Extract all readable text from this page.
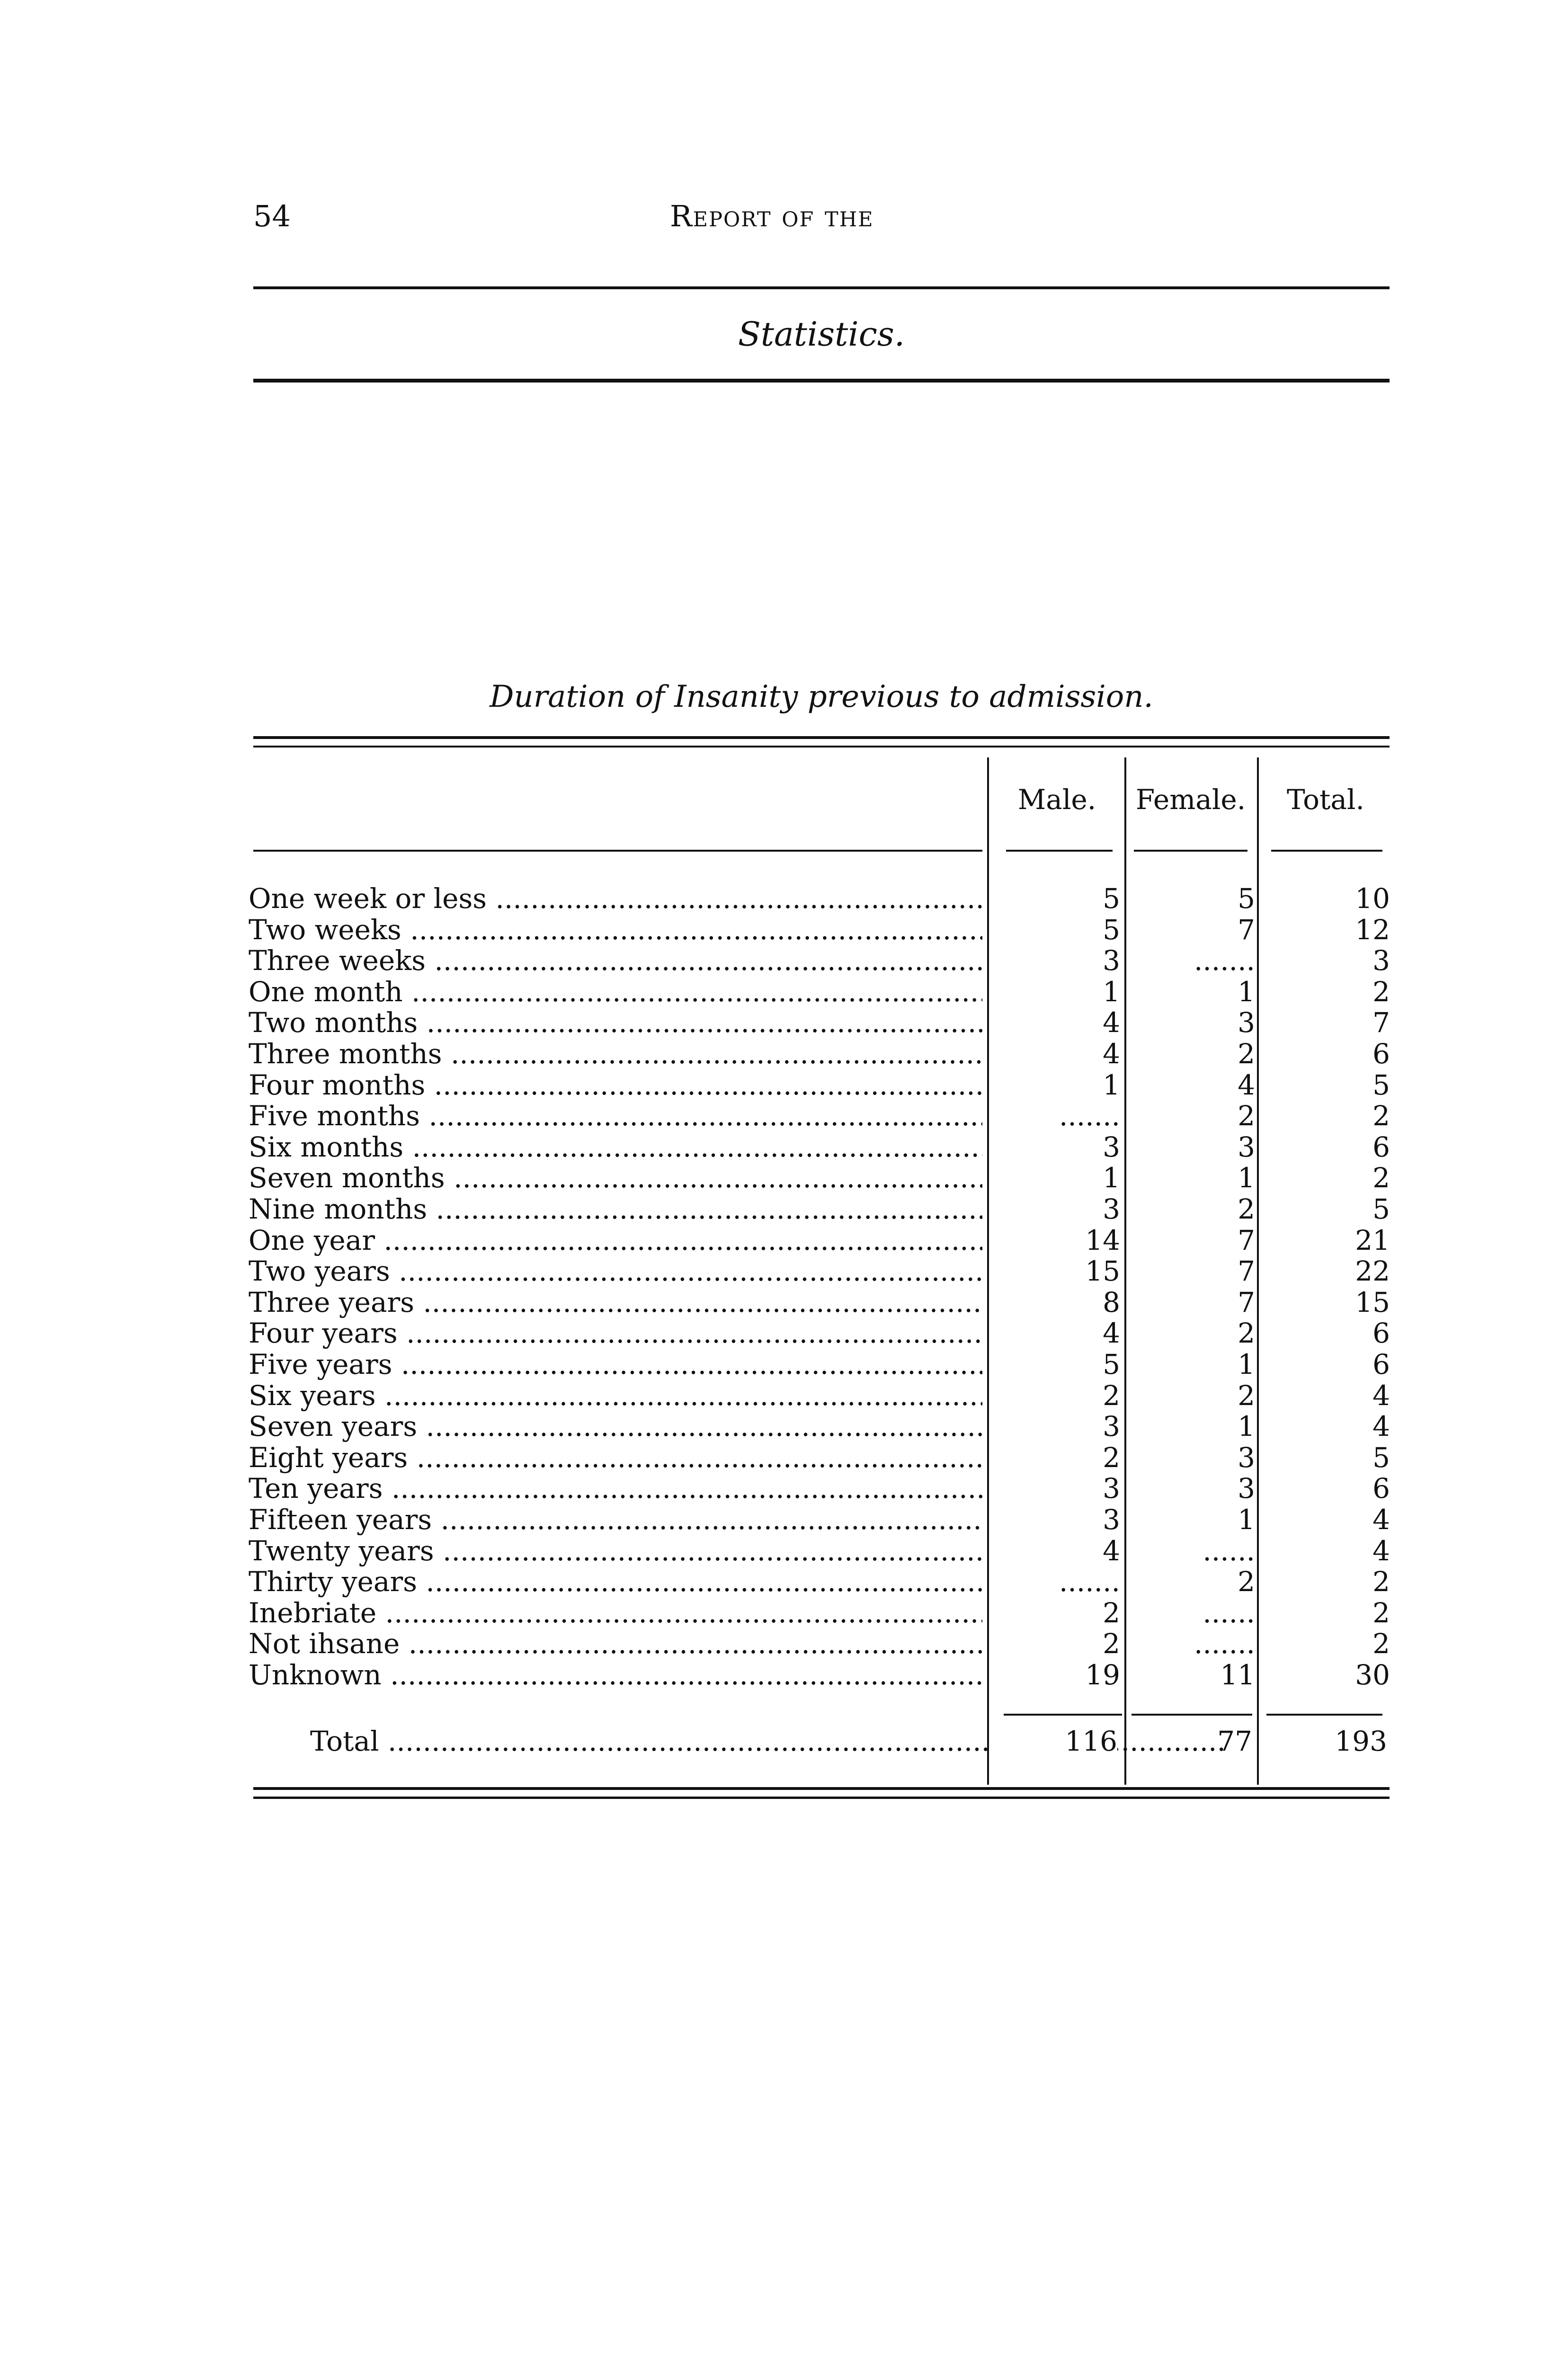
54	Report of the
Statistics.
Duration of Insanity previous to admission.
Male.	Female.	Total.
One week or less .....	5	5	10
Two weeks .....	5	7	12
Three weeks .....	3	.......	3
One month .....	1	1	2
Two months .....	4	3	7
Three months .....	4	2	6
Four months .....	1	4	5
Five months .....	.......	2	2
Six months .....	3	3	6
Seven months .....	1	1	2
Nine months .....	3	2	5
One year .....	14	7	21
Two years .....	15	7	22
Three years .....	8	7	15
Four years .....	4	2	6
Five years .....	5	1	6
Six years .....	2	2	4
Seven years .....	3	1	4
Eight years .....	2	3	5
Ten years .....	3	3	6
Fifteen years .....	3	1	4
Twenty years .....	4	......	4
Thirty years .....	.......	2	2
Inebriate .....	2	......	2
Not ihsane .....	2	.......	2
Unknown .....	19	11	30
Total .....	116	77	193
